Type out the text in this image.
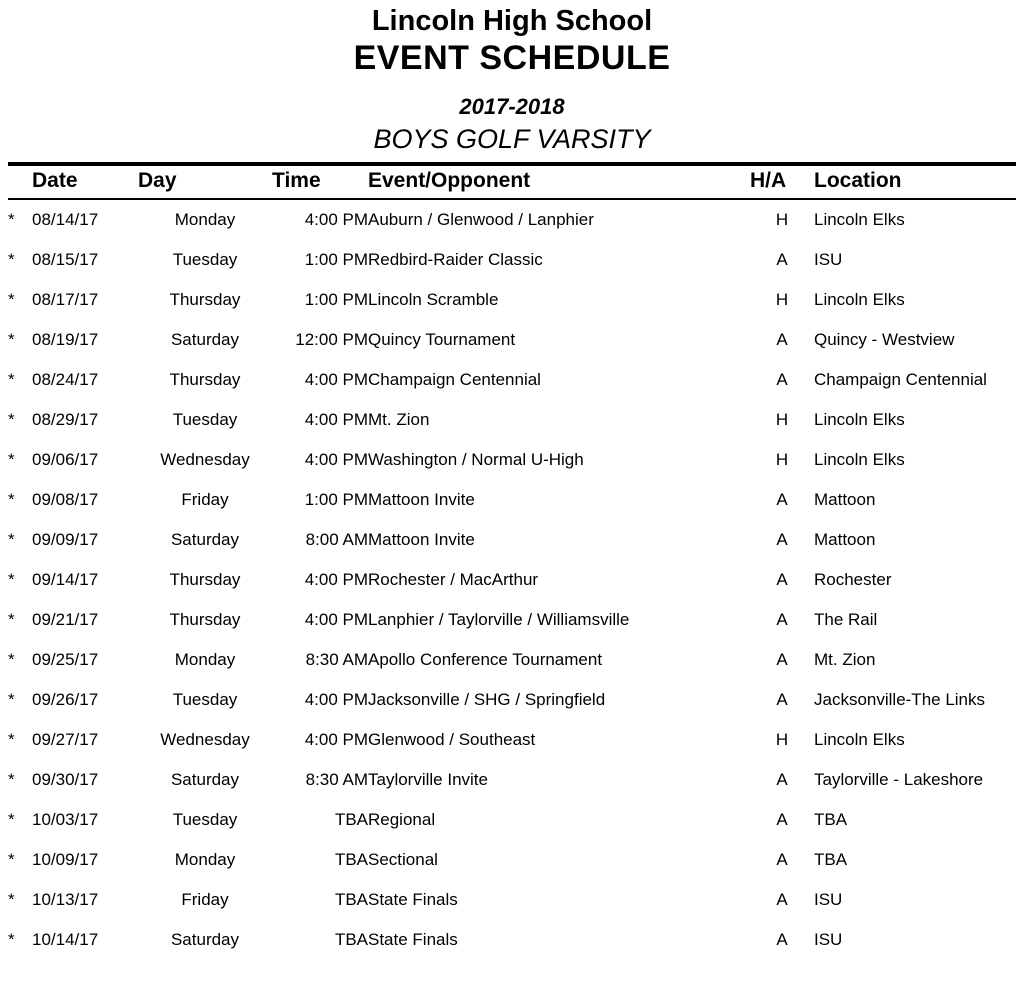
Lincoln High School
EVENT SCHEDULE
2017-2018
BOYS GOLF VARSITY
	Date	Day	Time	Event/Opponent	H/A	Location
*	08/14/17	Monday	4:00 PM	Auburn / Glenwood / Lanphier	H	Lincoln Elks
*	08/15/17	Tuesday	1:00 PM	Redbird-Raider Classic	A	ISU
*	08/17/17	Thursday	1:00 PM	Lincoln Scramble	H	Lincoln Elks
*	08/19/17	Saturday	12:00 PM	Quincy Tournament	A	Quincy - Westview
*	08/24/17	Thursday	4:00 PM	Champaign Centennial	A	Champaign Centennial
*	08/29/17	Tuesday	4:00 PM	Mt. Zion	H	Lincoln Elks
*	09/06/17	Wednesday	4:00 PM	Washington / Normal U-High	H	Lincoln Elks
*	09/08/17	Friday	1:00 PM	Mattoon Invite	A	Mattoon
*	09/09/17	Saturday	8:00 AM	Mattoon Invite	A	Mattoon
*	09/14/17	Thursday	4:00 PM	Rochester / MacArthur	A	Rochester
*	09/21/17	Thursday	4:00 PM	Lanphier / Taylorville / Williamsville	A	The Rail
*	09/25/17	Monday	8:30 AM	Apollo Conference Tournament	A	Mt. Zion
*	09/26/17	Tuesday	4:00 PM	Jacksonville / SHG / Springfield	A	Jacksonville-The Links
*	09/27/17	Wednesday	4:00 PM	Glenwood / Southeast	H	Lincoln Elks
*	09/30/17	Saturday	8:30 AM	Taylorville Invite	A	Taylorville - Lakeshore
*	10/03/17	Tuesday	TBA	Regional	A	TBA
*	10/09/17	Monday	TBA	Sectional	A	TBA
*	10/13/17	Friday	TBA	State Finals	A	ISU
*	10/14/17	Saturday	TBA	State Finals	A	ISU
